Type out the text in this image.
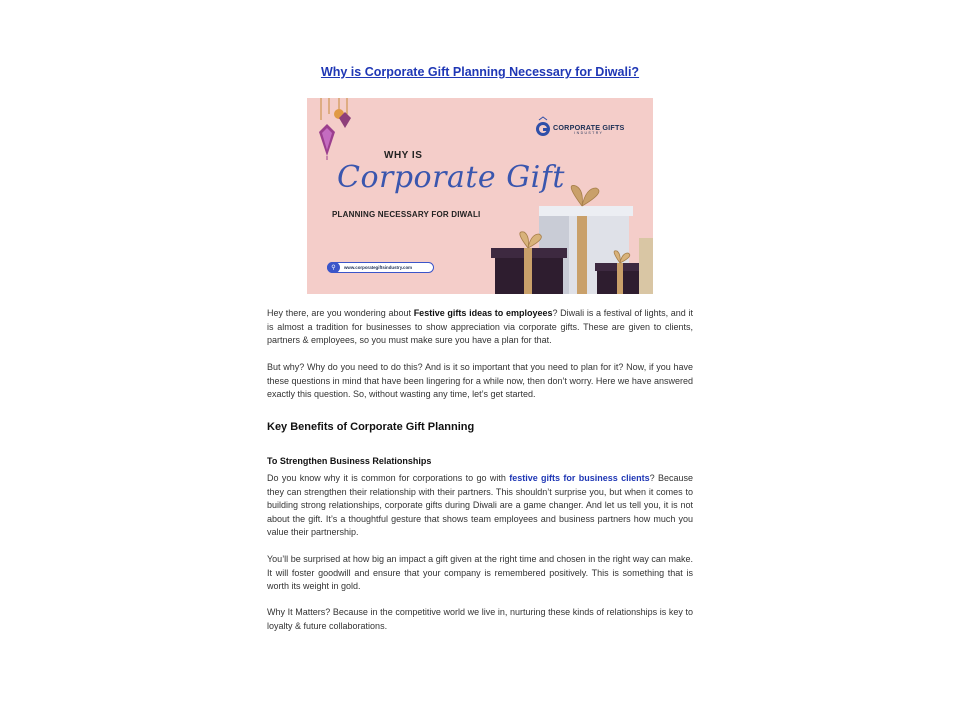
Why is Corporate Gift Planning Necessary for Diwali?
CORPORATE GIFTS
INDUSTRY
WHY IS
Corporate Gift
PLANNING NECESSARY FOR DIWALI
⚲	www.corporategiftsindustry.com

Hey there, are you wondering about Festive gifts ideas to employees? Diwali is a festival of lights, and it is almost a tradition for businesses to show appreciation via corporate gifts. These are given to clients, partners & employees, so you must make sure you have a plan for that.

But why? Why do you need to do this? And is it so important that you need to plan for it? Now, if you have these questions in mind that have been lingering for a while now, then don’t worry. Here we have answered exactly this question. So, without wasting any time, let’s get started.

Key Benefits of Corporate Gift Planning
To Strengthen Business Relationships

Do you know why it is common for corporations to go with festive gifts for business clients? Because they can strengthen their relationship with their partners. This shouldn’t surprise you, but when it comes to building strong relationships, corporate gifts during Diwali are a game changer. And let us tell you, it is not about the gift. It’s a thoughtful gesture that shows team employees and business partners how much you value their partnership.

You’ll be surprised at how big an impact a gift given at the right time and chosen in the right way can make. It will foster goodwill and ensure that your company is remembered positively. This is something that is worth its weight in gold.

Why It Matters? Because in the competitive world we live in, nurturing these kinds of relationships is key to loyalty & future collaborations.
